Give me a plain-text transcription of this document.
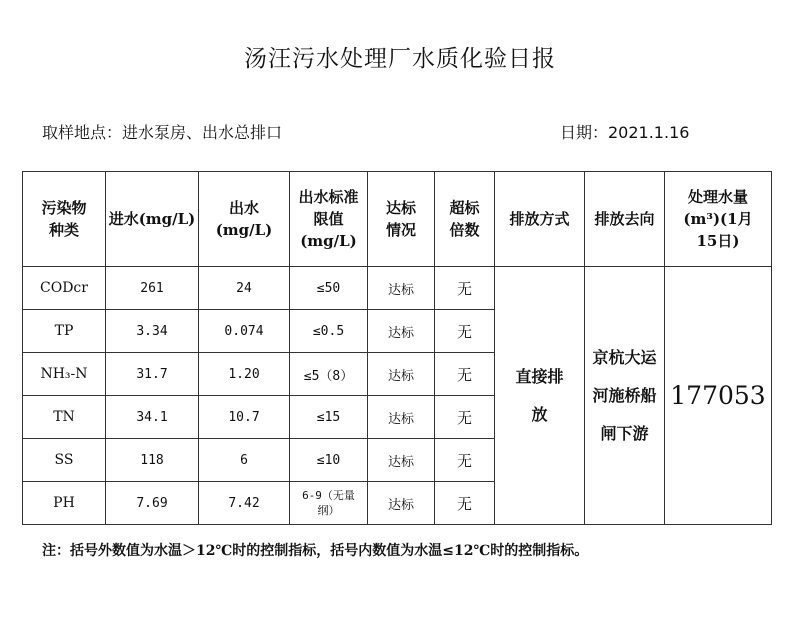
汤汪污水处理厂水质化验日报
取样地点：进水泵房、出水总排口	日期：2021.1.16
污染物种类	进水(mg/L)	出水(mg/L)	出水标准限值(mg/L)	达标情况	超标倍数	排放方式	排放去向	处理水量(m³)(1月15日)
CODcr	261	24	≤50	达标	无	直接排放	京杭大运河施桥船闸下游	177053
TP	3.34	0.074	≤0.5	达标	无			
NH₃-N	31.7	1.20	≤5（8）	达标	无			
TN	34.1	10.7	≤15	达标	无			
SS	118	6	≤10	达标	无			
PH	7.69	7.42	6-9（无量纲）	达标	无			
注：括号外数值为水温＞12℃时的控制指标，括号内数值为水温≤12℃时的控制指标。
